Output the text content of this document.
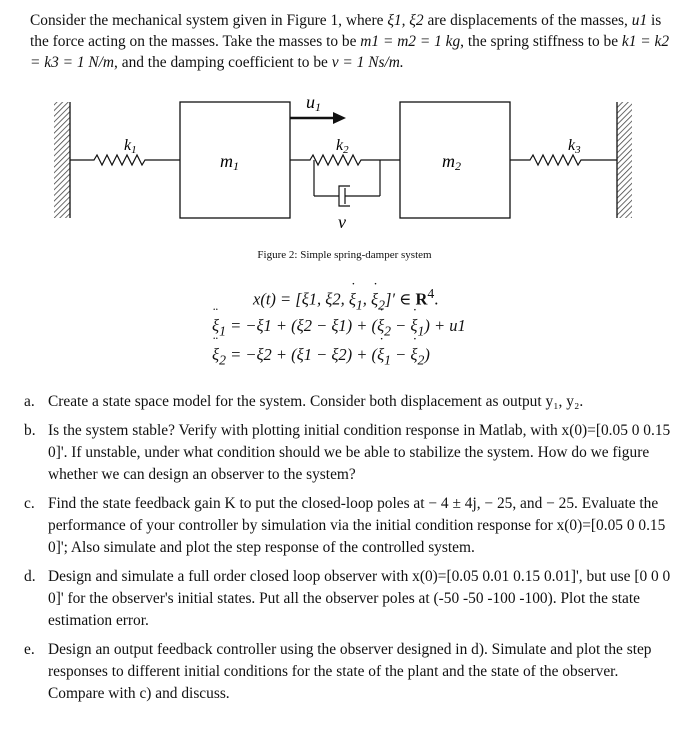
Consider the mechanical system given in Figure 1, where ξ1, ξ2 are displacements of the masses, u1 is the force acting on the masses. Take the masses to be m1 = m2 = 1 kg, the spring stiffness to be k1 = k2 = k3 = 1 N/m, and the damping coefficient to be ν = 1 Ns/m.
k1
m1
u1
k2
ν
m2
k3
Figure 2: Simple spring-damper system
x(t) = [ξ1, ξ2, ˙ $\xi_1$, ˙ $\xi_2]'$ ∈ $R^4$.
¨ $\xi_1 = -\xi 1 + (\xi 2 - \xi 1)$ + (˙ $\xi_2$ − ˙ $\xi_1) + u1$
¨ $\xi_2 = -\xi 2 + (\xi 1 - \xi 2)$ + (˙ $\xi_1$ − ˙ $\xi_2$)
a. Create a state space model for the system. Consider both displacement as output y₁, y₂.
b. Is the system stable? Verify with plotting initial condition response in Matlab, with x(0)=[0.05 0 0.15 0]'. If unstable, under what condition should we be able to stabilize the system. How do we figure whether we can design an observer to the system?
c. Find the state feedback gain K to put the closed-loop poles at − 4 ± 4j, − 25, and − 25. Evaluate the performance of your controller by simulation via the initial condition response for x(0)=[0.05 0 0.15 0]'; Also simulate and plot the step response of the controlled system.
d. Design and simulate a full order closed loop observer with x(0)=[0.05 0.01 0.15 0.01]', but use [0 0 0 0]' for the observer's initial states. Put all the observer poles at (-50 -50 -100 -100). Plot the state estimation error.
e. Design an output feedback controller using the observer designed in d). Simulate and plot the step responses to different initial conditions for the state of the plant and the state of the observer. Compare with c) and discuss.
